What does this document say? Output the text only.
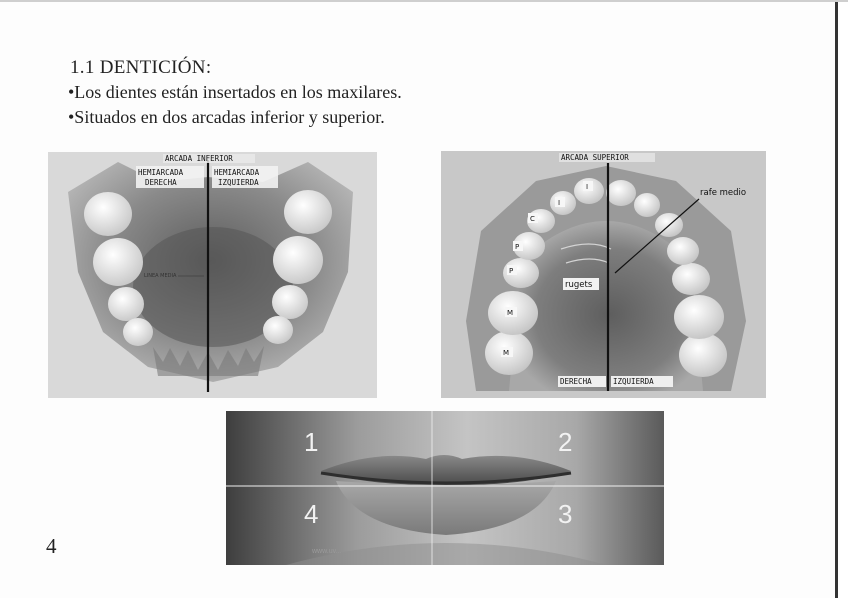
1.1 DENTICIÓN:
•Los dientes están insertados en los maxilares.
•Situados en dos arcadas inferior y superior.
ARCADA INFERIOR
HEMIARCADA
DERECHA
HEMIARCADA
IZQUIERDA
LINEA MEDIA
ARCADA SUPERIOR
rafe medio
rugets
DERECHA	IZQUIERDA
I
I
C
P
P
M
M
1	2
3
4
www.uv...
4
